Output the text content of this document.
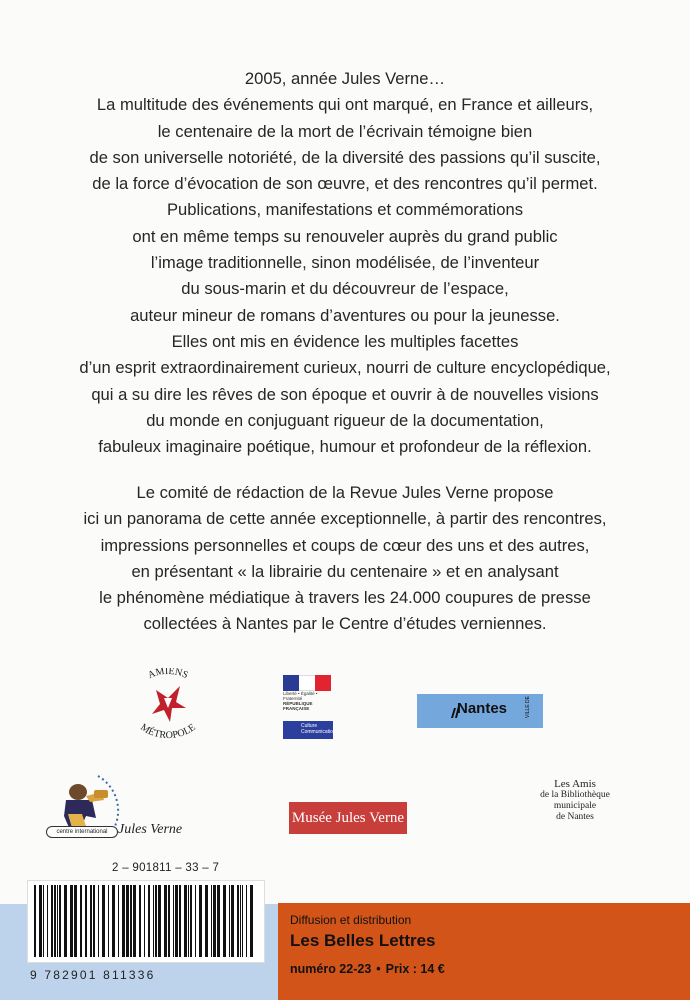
2005, année Jules Verne…
La multitude des événements qui ont marqué, en France et ailleurs,
le centenaire de la mort de l’écrivain témoigne bien
de son universelle notoriété, de la diversité des passions qu’il suscite,
de la force d’évocation de son œuvre, et des rencontres qu’il permet.
Publications, manifestations et commémorations
ont en même temps su renouveler auprès du grand public
l’image traditionnelle, sinon modélisée, de l’inventeur
du sous-marin et du découvreur de l’espace,
auteur mineur de romans d’aventures ou pour la jeunesse.
Elles ont mis en évidence les multiples facettes
d’un esprit extraordinairement curieux, nourri de culture encyclopédique,
qui a su dire les rêves de son époque et ouvrir à de nouvelles visions
du monde en conjuguant rigueur de la documentation,
fabuleux imaginaire poétique, humour et profondeur de la réflexion.
Le comité de rédaction de la Revue Jules Verne propose
ici un panorama de cette année exceptionnelle, à partir des rencontres,
impressions personnelles et coups de cœur des uns et des autres,
en présentant « la librairie du centenaire » et en analysant
le phénomène médiatique à travers les 24.000 coupures de presse
collectées à Nantes par le Centre d’études verniennes.
AMIENS
MÉTROPOLE
Liberté • Égalité • Fraternité
RÉPUBLIQUE FRANÇAISE
Culture
Communication
Nantes	VILLE DE
centre international Jules Verne
Musée Jules Verne
Les Amis
de la Bibliothèque
municipale
de Nantes
2 – 901811 – 33 – 7
9 782901 811336
Diffusion et distribution
Les Belles Lettres
numéro 22-23 • Prix : 14 €
